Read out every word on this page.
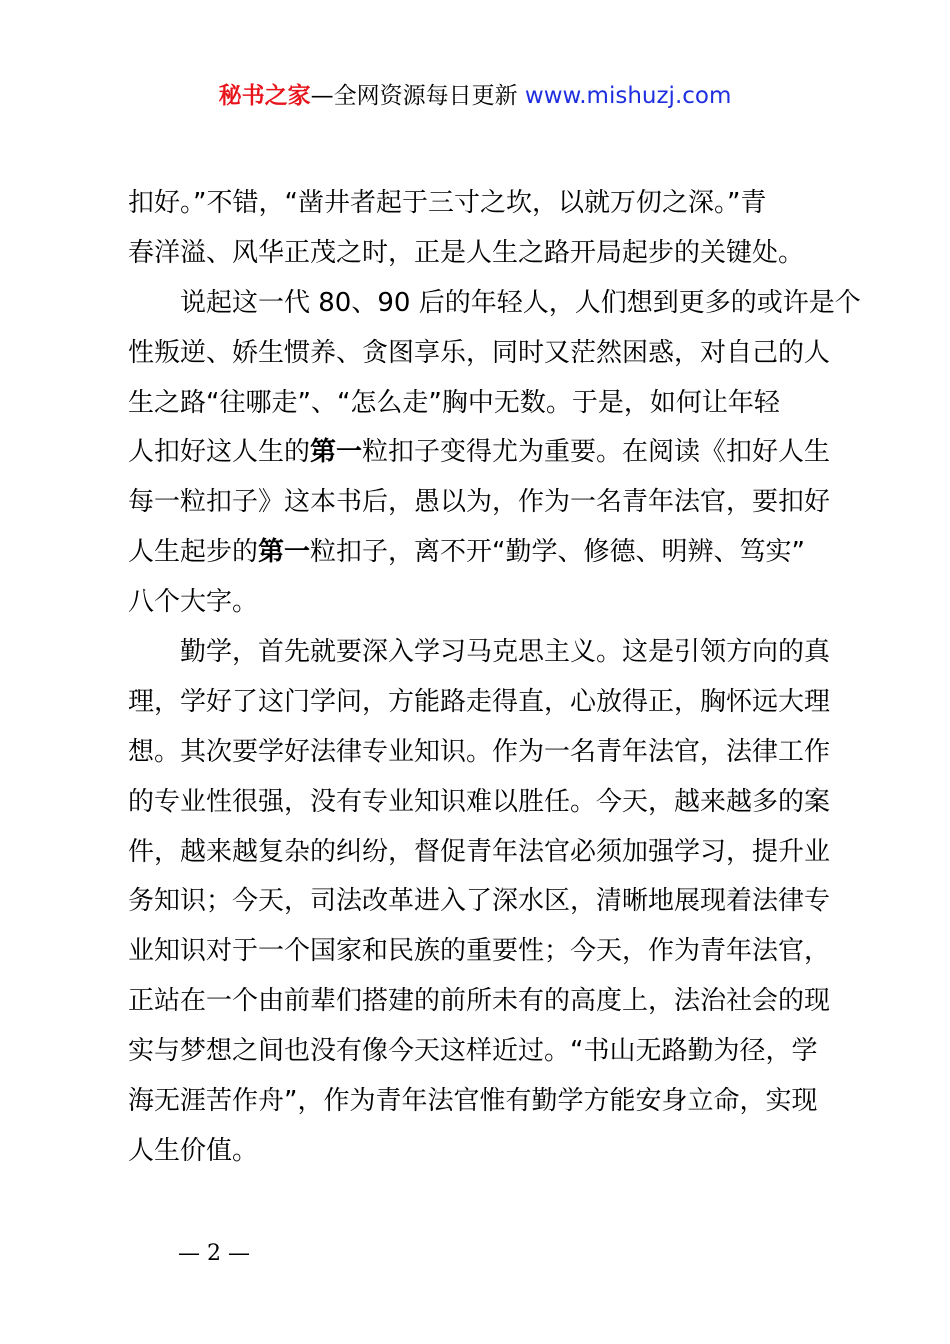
秘书之家—全网资源每日更新 www.mishuzj.com
扣好。”不错，“凿井者起于三寸之坎，以就万仞之深。”青
春洋溢、风华正茂之时，正是人生之路开局起步的关键处。
　　说起这一代 80、90 后的年轻人，人们想到更多的或许是个
性叛逆、娇生惯养、贪图享乐，同时又茫然困惑，对自己的人
生之路“往哪走”、“怎么走”胸中无数。于是，如何让年轻
人扣好这人生的第一粒扣子变得尤为重要。在阅读《扣好人生
每一粒扣子》这本书后，愚以为，作为一名青年法官，要扣好
人生起步的第一粒扣子，离不开“勤学、修德、明辨、笃实”
八个大字。
　　勤学，首先就要深入学习马克思主义。这是引领方向的真
理，学好了这门学问，方能路走得直，心放得正，胸怀远大理
想。其次要学好法律专业知识。作为一名青年法官，法律工作
的专业性很强，没有专业知识难以胜任。今天，越来越多的案
件，越来越复杂的纠纷，督促青年法官必须加强学习，提升业
务知识；今天，司法改革进入了深水区，清晰地展现着法律专
业知识对于一个国家和民族的重要性；今天，作为青年法官，
正站在一个由前辈们搭建的前所未有的高度上，法治社会的现
实与梦想之间也没有像今天这样近过。“书山无路勤为径，学
海无涯苦作舟”，作为青年法官惟有勤学方能安身立命，实现
人生价值。
— 2 —
